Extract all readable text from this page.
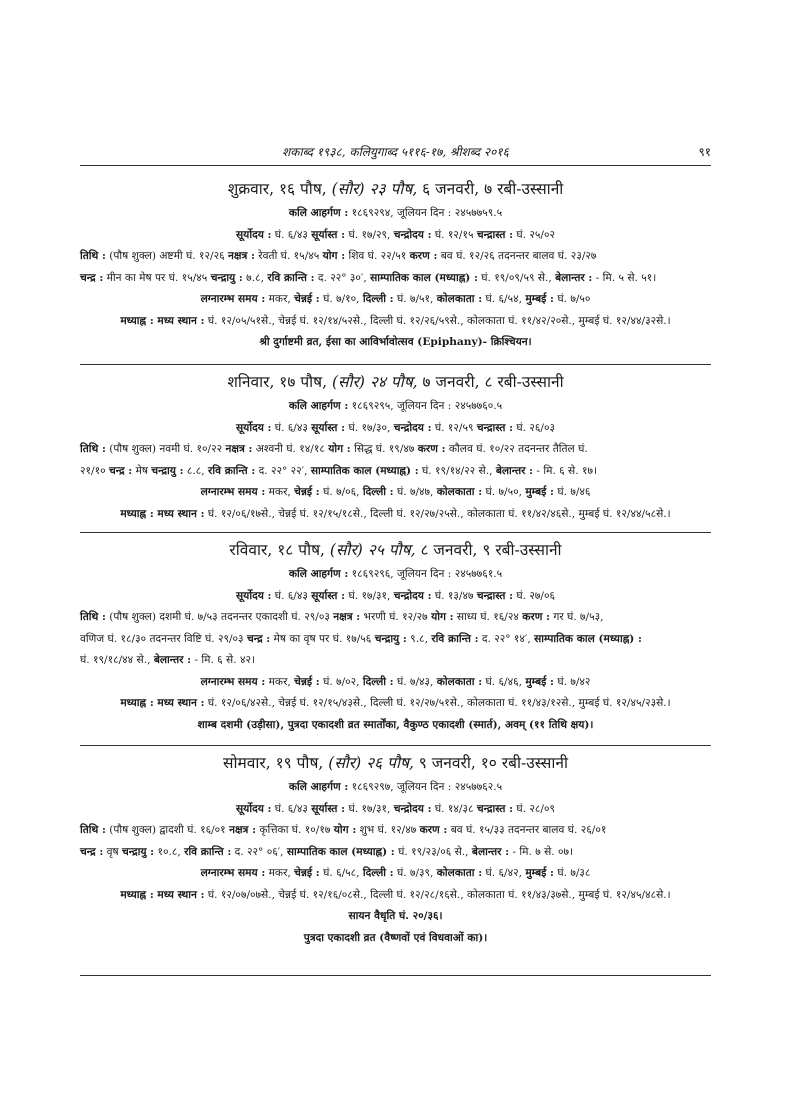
शकाब्द १९३८, कलियुगाब्द ५११६-१७, श्रीशब्द २०१६	९१
शुक्रवार, १६ पौष, (सौर) २३ पौष, ६ जनवरी, ७ रबी-उस्सानी
कलि आहर्गण : १८६९२९४, जूलियन दिन : २४५७७५९.५
सूर्योदय : घं. ६/४३ सूर्यास्त : घं. १७/२९, चन्द्रोदय : घं. १२/१५ चन्द्रास्त : घं. २५/०२
तिथि : (पौष शुक्ल) अष्टमी घं. १२/२६ नक्षत्र : रेवती घं. १५/४५ योग : शिव घं. २२/५१ करण : बव घं. १२/२६ तदनन्तर बालव घं. २३/२७
चन्द्र : मीन का मेष पर घं. १५/४५ चन्द्रायु : ७.८, रवि क्रान्ति : द. २२° ३०′, साम्पातिक काल (मध्याह्न) : घं. १९/०९/५९ से., बेलान्तर : - मि. ५ से. ५१।
लग्नारम्भ समय : मकर, चेन्नई : घं. ७/१०, दिल्ली : घं. ७/५१, कोलकाता : घं. ६/५४, मुम्बई : घं. ७/५०
मध्याह्न : मध्य स्थान : घं. १२/०५/५१से., चेन्नई घं. १२/१४/५२से., दिल्ली घं. १२/२६/५९से., कोलकाता घं. ११/४२/२०से., मुम्बई घं. १२/४४/३२से.।
श्री दुर्गाष्टमी व्रत, ईसा का आविर्भावोत्सव (Epiphany)- क्रिश्चियन।
शनिवार, १७ पौष, (सौर) २४ पौष, ७ जनवरी, ८ रबी-उस्सानी
कलि आहर्गण : १८६९२९५, जूलियन दिन : २४५७७६०.५
सूर्योदय : घं. ६/४३ सूर्यास्त : घं. १७/३०, चन्द्रोदय : घं. १२/५९ चन्द्रास्त : घं. २६/०३
तिथि : (पौष शुक्ल) नवमी घं. १०/२२ नक्षत्र : अश्वनी घं. १४/१८ योग : सिद्ध घं. १९/४७ करण : कौलव घं. १०/२२ तदनन्तर तैतिल घं.
२१/१० चन्द्र : मेष चन्द्रायु : ८.८, रवि क्रान्ति : द. २२° २२′, साम्पातिक काल (मध्याह्न) : घं. १९/१४/२२ से., बेलान्तर : - मि. ६ से. १७।
लग्नारम्भ समय : मकर, चेन्नई : घं. ७/०६, दिल्ली : घं. ७/४७, कोलकाता : घं. ७/५०, मुम्बई : घं. ७/४६
मध्याह्न : मध्य स्थान : घं. १२/०६/१७से., चेन्नई घं. १२/१५/१८से., दिल्ली घं. १२/२७/२५से., कोलकाता घं. ११/४२/४६से., मुम्बई घं. १२/४४/५८से.।
रविवार, १८ पौष, (सौर) २५ पौष, ८ जनवरी, ९ रबी-उस्सानी
कलि आहर्गण : १८६९२९६, जूलियन दिन : २४५७७६१.५
सूर्योदय : घं. ६/४३ सूर्यास्त : घं. १७/३१, चन्द्रोदय : घं. १३/४७ चन्द्रास्त : घं. २७/०६
तिथि : (पौष शुक्ल) दशमी घं. ७/५३ तदनन्तर एकादशी घं. २९/०३ नक्षत्र : भरणी घं. १२/२७ योग : साध्य घं. १६/२४ करण : गर घं. ७/५३,
वणिज घं. १८/३० तदनन्तर विष्टि घं. २९/०३ चन्द्र : मेष का वृष पर घं. १७/५६ चन्द्रायु : ९.८, रवि क्रान्ति : द. २२° १४′, साम्पातिक काल (मध्याह्न) :
घं. १९/१८/४४ से., बेलान्तर : - मि. ६ से. ४२।
लग्नारम्भ समय : मकर, चेन्नई : घं. ७/०२, दिल्ली : घं. ७/४३, कोलकाता : घं. ६/४६, मुम्बई : घं. ७/४२
मध्याह्न : मध्य स्थान : घं. १२/०६/४२से., चेन्नई घं. १२/१५/४३से., दिल्ली घं. १२/२७/५१से., कोलकाता घं. ११/४३/१२से., मुम्बई घं. १२/४५/२३से.।
शाम्ब दशमी (उड़ीसा), पुत्रदा एकादशी व्रत स्मार्तोंका, वैकुण्ठ एकादशी (स्मार्त), अवम् (११ तिथि क्षय)।
सोमवार, १९ पौष, (सौर) २६ पौष, ९ जनवरी, १० रबी-उस्सानी
कलि आहर्गण : १८६९२९७, जूलियन दिन : २४५७७६२.५
सूर्योदय : घं. ६/४३ सूर्यास्त : घं. १७/३१, चन्द्रोदय : घं. १४/३८ चन्द्रास्त : घं. २८/०९
तिथि : (पौष शुक्ल) द्वादशी घं. १६/०१ नक्षत्र : कृत्तिका घं. १०/१७ योग : शुभ घं. १२/४७ करण : बव घं. १५/३३ तदनन्तर बालव घं. २६/०१
चन्द्र : वृष चन्द्रायु : १०.८, रवि क्रान्ति : द. २२° ०६′, साम्पातिक काल (मध्याह्न) : घं. १९/२३/०६ से., बेलान्तर : - मि. ७ से. ०७।
लग्नारम्भ समय : मकर, चेन्नई : घं. ६/५८, दिल्ली : घं. ७/३९, कोलकाता : घं. ६/४२, मुम्बई : घं. ७/३८
मध्याह्न : मध्य स्थान : घं. १२/०७/०७से., चेन्नई घं. १२/१६/०८से., दिल्ली घं. १२/२८/१६से., कोलकाता घं. ११/४३/३७से., मुम्बई घं. १२/४५/४८से.।
सायन वैधृति घं. २०/३६।
पुत्रदा एकादशी व्रत (वैष्णवों एवं विधवाओं का)।
